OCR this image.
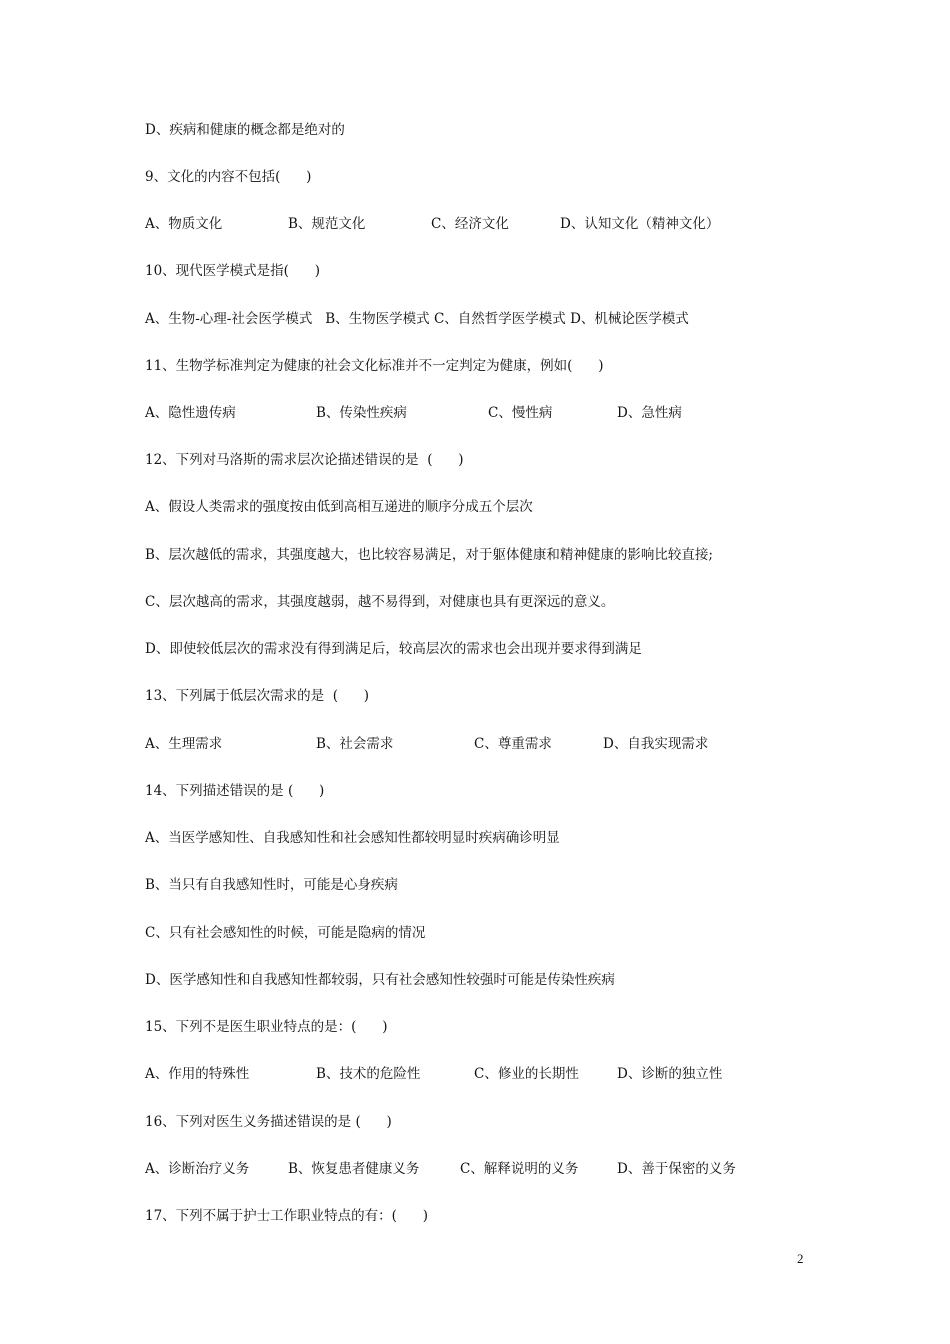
D、疾病和健康的概念都是绝对的
9、文化的内容不包括(      )
A、物质文化	B、规范文化	C、经济文化	D、认知文化（精神文化）
10、现代医学模式是指(      )
A、生物-心理-社会医学模式   B、生物医学模式 C、自然哲学医学模式 D、机械论医学模式
11、生物学标准判定为健康的社会文化标准并不一定判定为健康，例如(      )
A、隐性遗传病	B、传染性疾病	C、慢性病	D、急性病
12、下列对马洛斯的需求层次论描述错误的是  (      )
A、假设人类需求的强度按由低到高相互递进的顺序分成五个层次
B、层次越低的需求，其强度越大，也比较容易满足，对于躯体健康和精神健康的影响比较直接;
C、层次越高的需求，其强度越弱，越不易得到，对健康也具有更深远的意义。
D、即使较低层次的需求没有得到满足后，较高层次的需求也会出现并要求得到满足
13、下列属于低层次需求的是  (      )
A、生理需求	B、社会需求	C、尊重需求	D、自我实现需求
14、下列描述错误的是 (      )
A、当医学感知性、自我感知性和社会感知性都较明显时疾病确诊明显
B、当只有自我感知性时，可能是心身疾病
C、只有社会感知性的时候，可能是隐病的情况
D、医学感知性和自我感知性都较弱，只有社会感知性较强时可能是传染性疾病
15、下列不是医生职业特点的是：(      )
A、作用的特殊性	B、技术的危险性	C、修业的长期性	D、诊断的独立性
16、下列对医生义务描述错误的是 (      )
A、诊断治疗义务	B、恢复患者健康义务	C、解释说明的义务	D、善于保密的义务
17、下列不属于护士工作职业特点的有：(      )
2
